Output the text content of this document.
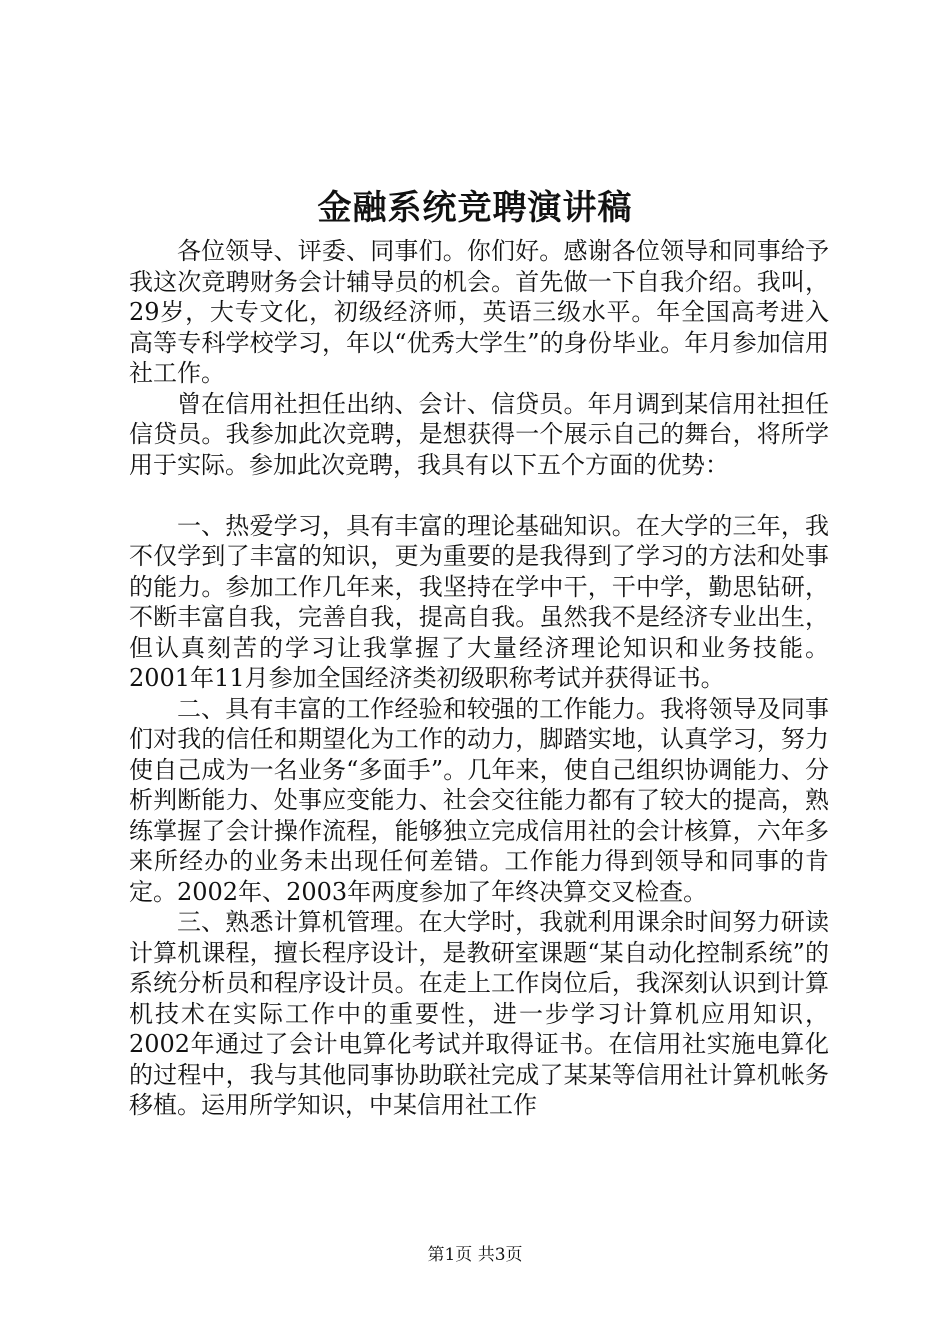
金融系统竞聘演讲稿

各位领导、评委、同事们。你们好。感谢各位领导和同事给予我这次竞聘财务会计辅导员的机会。首先做一下自我介绍。我叫，29岁，大专文化，初级经济师，英语三级水平。年全国高考进入高等专科学校学习，年以“优秀大学生”的身份毕业。年月参加信用社工作。

曾在信用社担任出纳、会计、信贷员。年月调到某信用社担任信贷员。我参加此次竞聘，是想获得一个展示自己的舞台，将所学用于实际。参加此次竞聘，我具有以下五个方面的优势：

一、热爱学习，具有丰富的理论基础知识。在大学的三年，我不仅学到了丰富的知识，更为重要的是我得到了学习的方法和处事的能力。参加工作几年来，我坚持在学中干，干中学，勤思钻研，不断丰富自我，完善自我，提高自我。虽然我不是经济专业出生，但认真刻苦的学习让我掌握了大量经济理论知识和业务技能。2001年11月参加全国经济类初级职称考试并获得证书。

二、具有丰富的工作经验和较强的工作能力。我将领导及同事们对我的信任和期望化为工作的动力，脚踏实地，认真学习，努力使自己成为一名业务“多面手”。几年来，使自己组织协调能力、分析判断能力、处事应变能力、社会交往能力都有了较大的提高，熟练掌握了会计操作流程，能够独立完成信用社的会计核算，六年多来所经办的业务未出现任何差错。工作能力得到领导和同事的肯定。2002年、2003年两度参加了年终决算交叉检查。

三、熟悉计算机管理。在大学时，我就利用课余时间努力研读计算机课程，擅长程序设计，是教研室课题“某自动化控制系统”的系统分析员和程序设计员。在走上工作岗位后，我深刻认识到计算机技术在实际工作中的重要性，进一步学习计算机应用知识，2002年通过了会计电算化考试并取得证书。在信用社实施电算化的过程中，我与其他同事协助联社完成了某某等信用社计算机帐务移植。运用所学知识，中某信用社工作

第1页 共3页
